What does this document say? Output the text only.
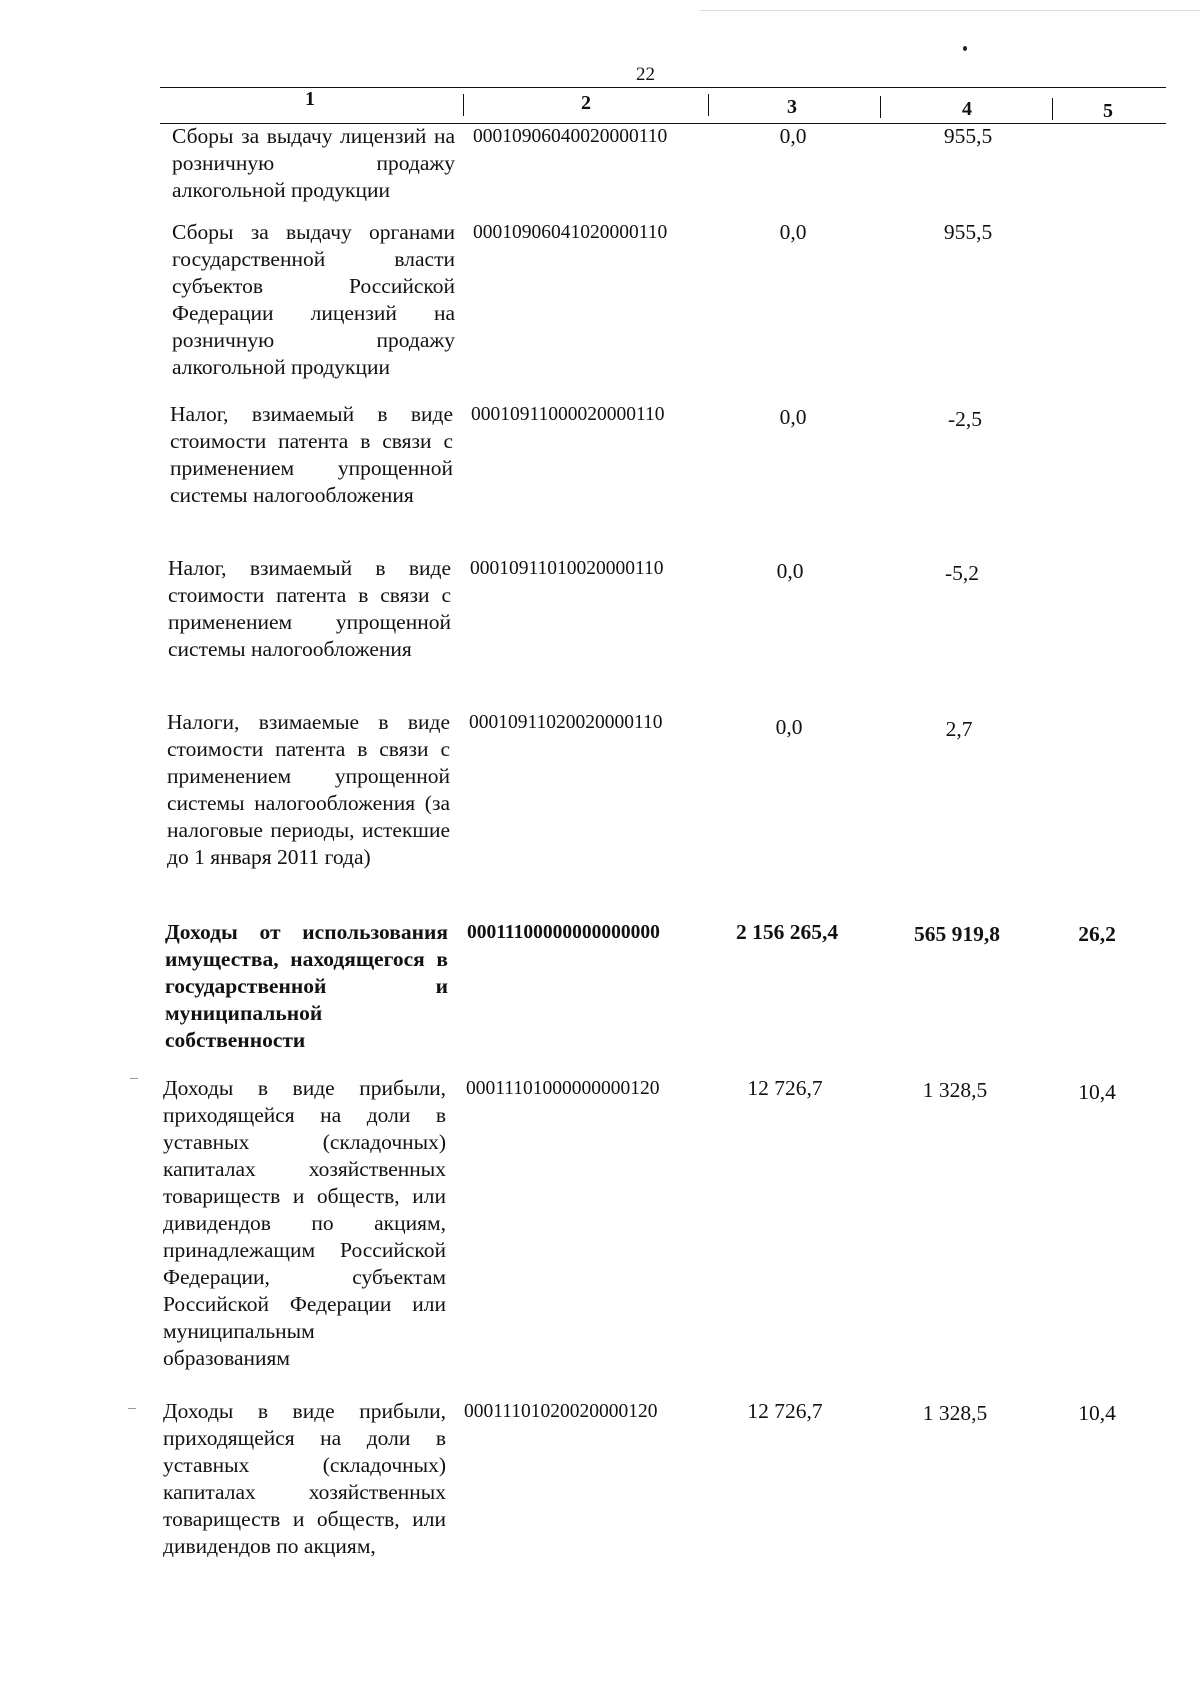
22
1	2	3	4	5
Сборы за выдачу лицензий на розничную продажу алкогольной продукции
00010906040020000110	0,0	955,5
Сборы за выдачу органами государственной власти субъектов Российской Федерации лицензий на розничную продажу алкогольной продукции
00010906041020000110	0,0	955,5
Налог, взимаемый в виде стоимости патента в связи с применением упрощенной системы налогообложения
00010911000020000110	0,0	-2,5
Налог, взимаемый в виде стоимости патента в связи с применением упрощенной системы налогообложения
00010911010020000110	0,0	-5,2
Налоги, взимаемые в виде стоимости патента в связи с применением упрощенной системы налогообложения (за налоговые периоды, истекшие до 1 января 2011 года)
00010911020020000110	0,0	2,7
Доходы от использования имущества, находящегося в государственной и муниципальной собственности
00011100000000000000	2 156 265,4	565 919,8	26,2
Доходы в виде прибыли, приходящейся на доли в уставных (складочных) капиталах хозяйственных товариществ и обществ, или дивидендов по акциям, принадлежащим Российской Федерации, субъектам Российской Федерации или муниципальным образованиям
00011101000000000120	12 726,7	1 328,5	10,4
Доходы в виде прибыли, приходящейся на доли в уставных (складочных) капиталах хозяйственных товариществ и обществ, или дивидендов по акциям,
00011101020020000120	12 726,7	1 328,5	10,4
